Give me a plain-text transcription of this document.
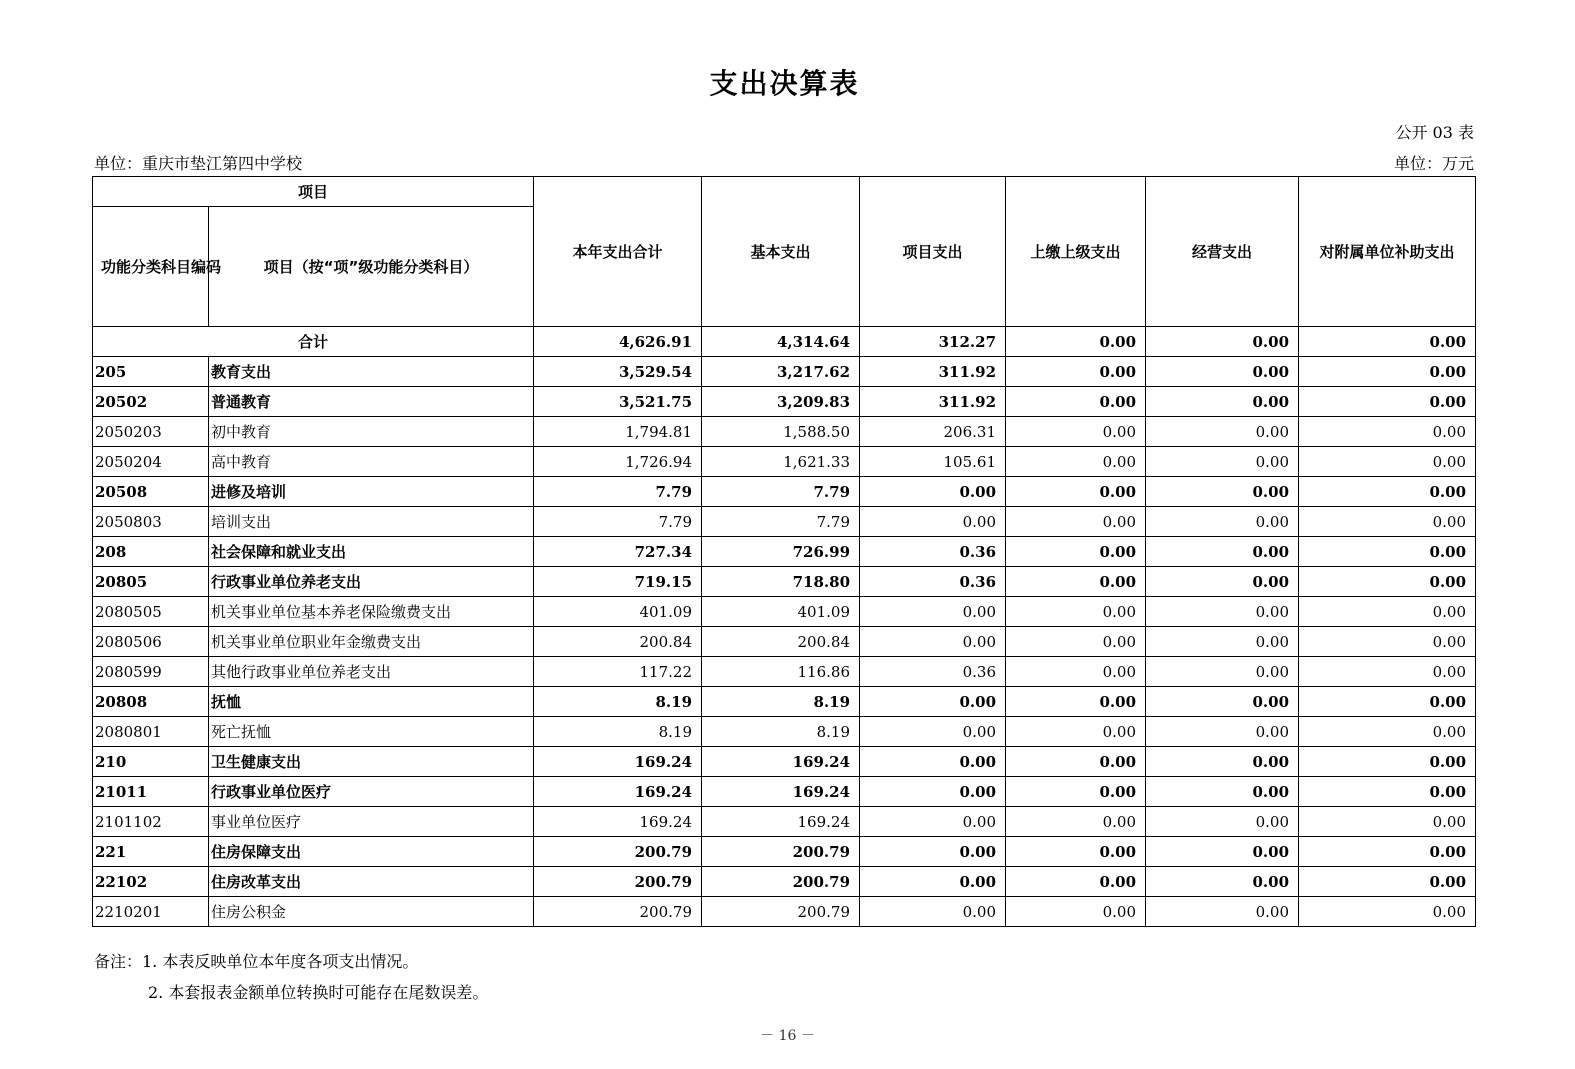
支出决算表
公开 03 表
单位：重庆市垫江第四中学校	单位：万元
项目		本年支出合计	基本支出	项目支出	上缴上级支出	经营支出	对附属单位补助支出
功能分类科目编码	项目（按“项”级功能分类科目）						
合计		4,626.91	4,314.64	312.27	0.00	0.00	0.00
205	教育支出	3,529.54	3,217.62	311.92	0.00	0.00	0.00
20502	普通教育	3,521.75	3,209.83	311.92	0.00	0.00	0.00
2050203	初中教育	1,794.81	1,588.50	206.31	0.00	0.00	0.00
2050204	高中教育	1,726.94	1,621.33	105.61	0.00	0.00	0.00
20508	进修及培训	7.79	7.79	0.00	0.00	0.00	0.00
2050803	培训支出	7.79	7.79	0.00	0.00	0.00	0.00
208	社会保障和就业支出	727.34	726.99	0.36	0.00	0.00	0.00
20805	行政事业单位养老支出	719.15	718.80	0.36	0.00	0.00	0.00
2080505	机关事业单位基本养老保险缴费支出	401.09	401.09	0.00	0.00	0.00	0.00
2080506	机关事业单位职业年金缴费支出	200.84	200.84	0.00	0.00	0.00	0.00
2080599	其他行政事业单位养老支出	117.22	116.86	0.36	0.00	0.00	0.00
20808	抚恤	8.19	8.19	0.00	0.00	0.00	0.00
2080801	死亡抚恤	8.19	8.19	0.00	0.00	0.00	0.00
210	卫生健康支出	169.24	169.24	0.00	0.00	0.00	0.00
21011	行政事业单位医疗	169.24	169.24	0.00	0.00	0.00	0.00
2101102	事业单位医疗	169.24	169.24	0.00	0.00	0.00	0.00
221	住房保障支出	200.79	200.79	0.00	0.00	0.00	0.00
22102	住房改革支出	200.79	200.79	0.00	0.00	0.00	0.00
2210201	住房公积金	200.79	200.79	0.00	0.00	0.00	0.00
备注：1. 本表反映单位本年度各项支出情况。
2. 本套报表金额单位转换时可能存在尾数误差。
－ 16 －
